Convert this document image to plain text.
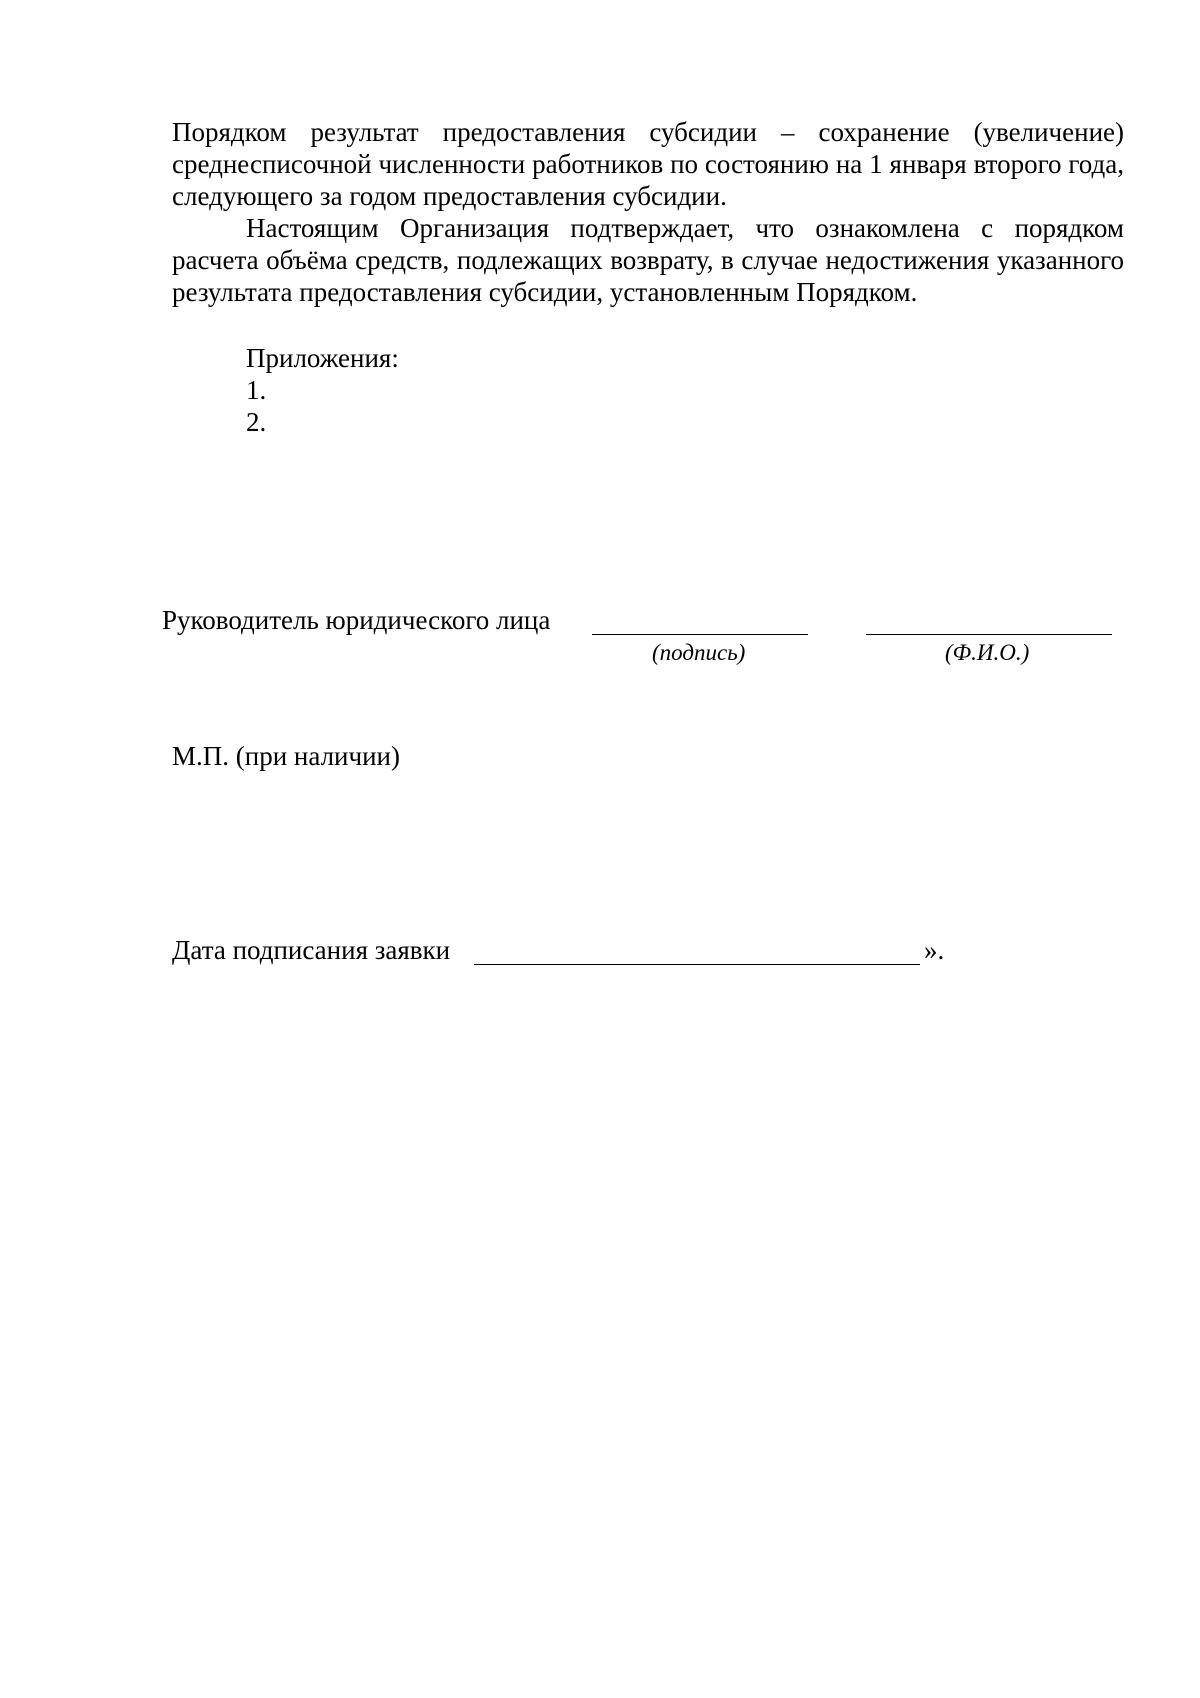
Порядком результат предоставления субсидии – сохранение (увеличение) среднесписочной численности работников по состоянию на 1 января второго года, следующего за годом предоставления субсидии.

Настоящим Организация подтверждает, что ознакомлена с порядком расчета объёма средств, подлежащих возврату, в случае недостижения указанного результата предоставления субсидии, установленным Порядком.

Приложения:
1.
2.
Руководитель юридического лица
(подпись)	(Ф.И.О.)
М.П. (при наличии)
Дата подписания заявки	».
